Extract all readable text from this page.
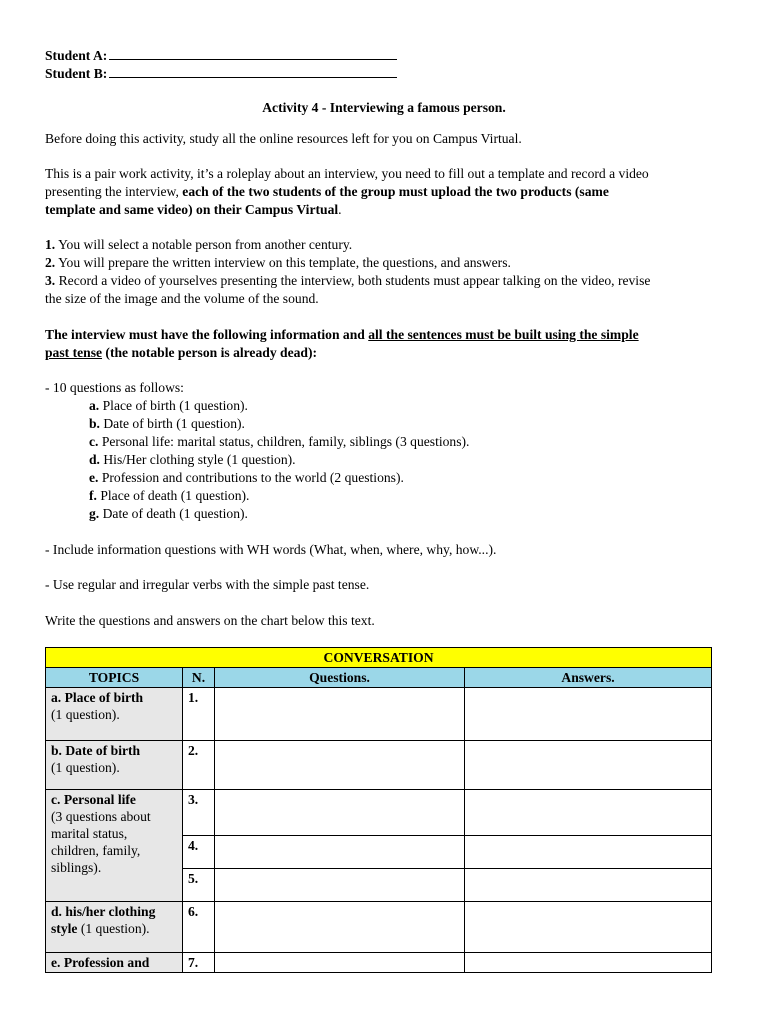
Student A:
Student B:
Activity 4 - Interviewing a famous person.
Before doing this activity, study all the online resources left for you on Campus Virtual.
This is a pair work activity, it’s a roleplay about an interview, you need to fill out a template and record a video
presenting the interview, each of the two students of the group must upload the two products (same
template and same video) on their Campus Virtual.
1. You will select a notable person from another century.
2. You will prepare the written interview on this template, the questions, and answers.
3. Record a video of yourselves presenting the interview, both students must appear talking on the video, revise
the size of the image and the volume of the sound.
The interview must have the following information and all the sentences must be built using the simple
past tense (the notable person is already dead):
- 10 questions as follows:
a. Place of birth (1 question).
b. Date of birth (1 question).
c. Personal life: marital status, children, family, siblings (3 questions).
d. His/Her clothing style (1 question).
e. Profession and contributions to the world (2 questions).
f. Place of death (1 question).
g. Date of death (1 question).
- Include information questions with WH words (What, when, where, why, how...).
- Use regular and irregular verbs with the simple past tense.
Write the questions and answers on the chart below this text.
CONVERSATION			
TOPICS	N.	Questions.	Answers.
a. Place of birth
(1 question).	1.		
b. Date of birth
(1 question).	2.		
c. Personal life
(3 questions about marital status, children, family, siblings).	3.		
	4.		
	5.		
d. his/her clothing style (1 question).	6.		
e. Profession and	7.		
